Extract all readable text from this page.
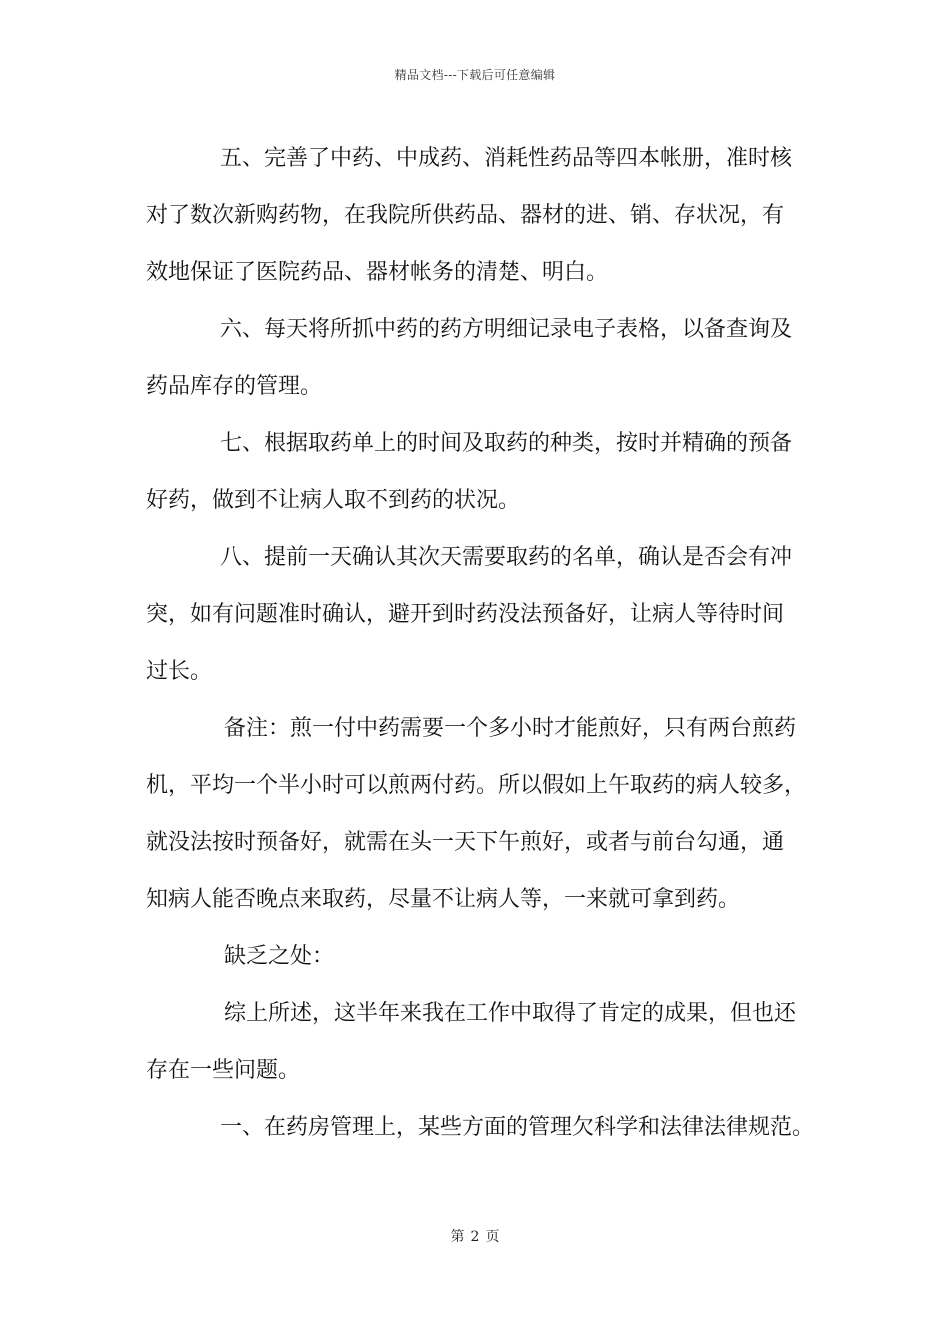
精品文档---下载后可任意编辑
五、完善了中药、中成药、消耗性药品等四本帐册，准时核
对了数次新购药物，在我院所供药品、器材的进、销、存状况，有
效地保证了医院药品、器材帐务的清楚、明白。
六、每天将所抓中药的药方明细记录电子表格，以备查询及
药品库存的管理。
七、根据取药单上的时间及取药的种类，按时并精确的预备
好药，做到不让病人取不到药的状况。
八、提前一天确认其次天需要取药的名单，确认是否会有冲
突，如有问题准时确认，避开到时药没法预备好，让病人等待时间
过长。
备注：煎一付中药需要一个多小时才能煎好，只有两台煎药
机，平均一个半小时可以煎两付药。所以假如上午取药的病人较多，
就没法按时预备好，就需在头一天下午煎好，或者与前台勾通，通
知病人能否晚点来取药，尽量不让病人等，一来就可拿到药。
缺乏之处：
综上所述，这半年来我在工作中取得了肯定的成果，但也还
存在一些问题。
一、在药房管理上，某些方面的管理欠科学和法律法律规范。
第 2 页
